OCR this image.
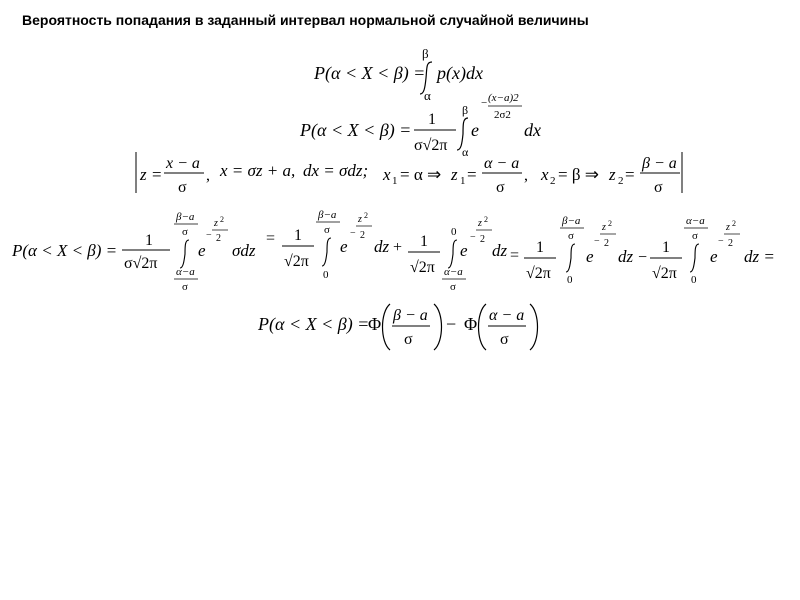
Вероятность попадания в заданный интервал нормальной случайной величины
P(α < X < β) =
β
α
p(x)dx
P(α < X < β) =
1
σ√2π
β
α
e
− (x−a)2
2σ2
dx
z =
x − a
σ
, x = σz + a, dx = σdz; x 1 = α ⇒ z 1 =
α − a
σ
, x 2 = β ⇒ z 2 =
β − a
σ
P(α < X < β) =
1
σ√2π
β−a
σ
α−a
σ
e
−
z 2
2
σdz
= 1
√2π
β−a
σ
0
e
−
z 2
2
dz + 1
√2π
0
α−a
σ
e
−
z 2
2
dz = 1
√2π
β−a
σ
0
e
−
z 2
2
dz −
1
√2π
α−a
σ
0
e
−
z 2
2
dz =
P(α < X < β) =
Φ β − a
σ
− Φ α − a
σ
